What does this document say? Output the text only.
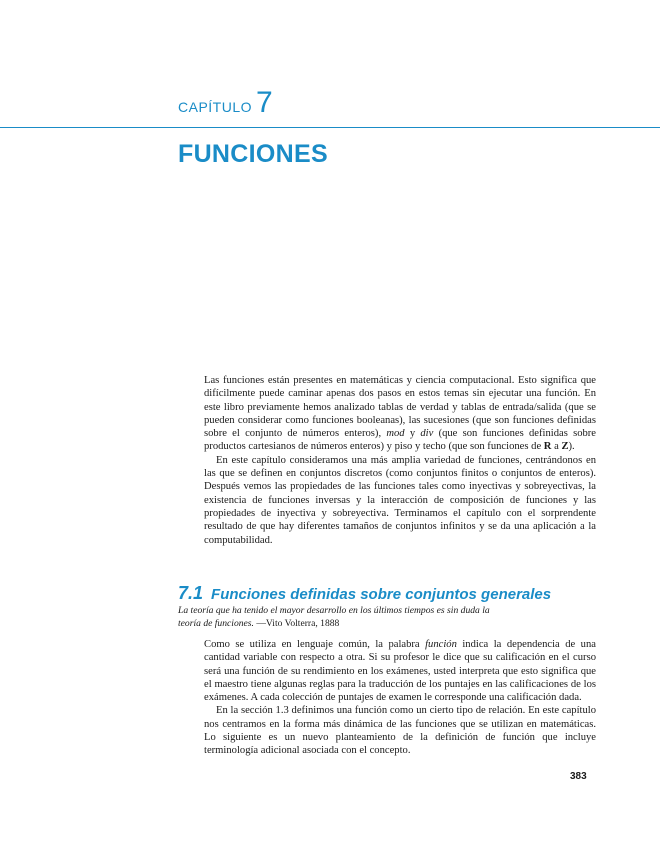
CAPÍTULO 7
FUNCIONES

Las funciones están presentes en matemáticas y ciencia computacional. Esto significa que difícilmente puede caminar apenas dos pasos en estos temas sin ejecutar una función. En este libro previamente hemos analizado tablas de verdad y tablas de entrada/salida (que se pueden considerar como funciones booleanas), las sucesiones (que son funciones definidas sobre el conjunto de números enteros), mod y div (que son funciones definidas sobre productos cartesianos de números enteros) y piso y techo (que son funciones de R a Z).

En este capítulo consideramos una más amplia variedad de funciones, centrándonos en las que se definen en conjuntos discretos (como conjuntos finitos o conjuntos de enteros). Después vemos las propiedades de las funciones tales como inyectivas y sobreyectivas, la existencia de funciones inversas y la interacción de composición de funciones y las propiedades de inyectiva y sobreyectiva. Terminamos el capítulo con el sorprendente resultado de que hay diferentes tamaños de conjuntos infinitos y se da una aplicación a la computabilidad.

7.1 Funciones definidas sobre conjuntos generales
La teoría que ha tenido el mayor desarrollo en los últimos tiempos es sin duda la teoría de funciones. —Vito Volterra, 1888

Como se utiliza en lenguaje común, la palabra función indica la dependencia de una cantidad variable con respecto a otra. Si su profesor le dice que su calificación en el curso será una función de su rendimiento en los exámenes, usted interpreta que esto significa que el maestro tiene algunas reglas para la traducción de los puntajes en las calificaciones de los exámenes. A cada colección de puntajes de examen le corresponde una calificación dada.

En la sección 1.3 definimos una función como un cierto tipo de relación. En este capítulo nos centramos en la forma más dinámica de las funciones que se utilizan en matemáticas. Lo siguiente es un nuevo planteamiento de la definición de función que incluye terminología adicional asociada con el concepto.

383
